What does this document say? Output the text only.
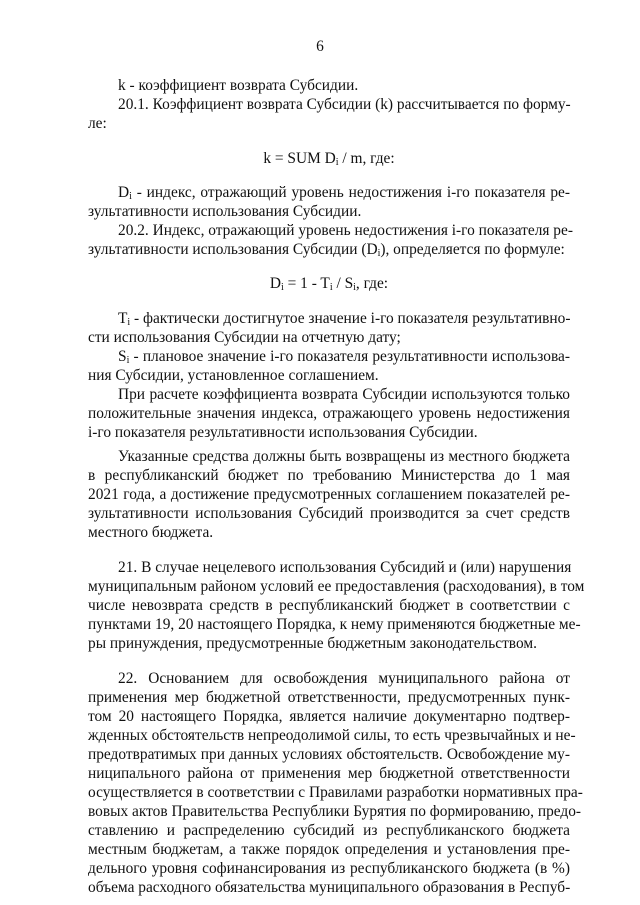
6
k - коэффициент возврата Субсидии.
20.1. Коэффициент возврата Субсидии (k) рассчитывается по форму-
ле:
k = SUM $D_i$ / m, где:
$D_i$ - индекс, отражающий уровень недостижения i-го показателя ре-
зультативности использования Субсидии.
20.2. Индекс, отражающий уровень недостижения i-го показателя ре-
зультативности использования Субсидии $(D_i)$, определяется по формуле:
$D_i = 1 - T_i / S_i$, где:
$T_i$ - фактически достигнутое значение i-го показателя результативно-
сти использования Субсидии на отчетную дату;
$S_i$ - плановое значение i-го показателя результативности использова-
ния Субсидии, установленное соглашением.
При расчете коэффициента возврата Субсидии используются только
положительные значения индекса, отражающего уровень недостижения
i-го показателя результативности использования Субсидии.
Указанные средства должны быть возвращены из местного бюджета
в республиканский бюджет по требованию Министерства до 1 мая
2021 года, а достижение предусмотренных соглашением показателей ре-
зультативности использования Субсидий производится за счет средств
местного бюджета.
21. В случае нецелевого использования Субсидий и (или) нарушения
муниципальным районом условий ее предоставления (расходования), в том
числе невозврата средств в республиканский бюджет в соответствии с
пунктами 19, 20 настоящего Порядка, к нему применяются бюджетные ме-
ры принуждения, предусмотренные бюджетным законодательством.
22. Основанием для освобождения муниципального района от
применения мер бюджетной ответственности, предусмотренных пунк-
том 20 настоящего Порядка, является наличие документарно подтвер-
жденных обстоятельств непреодолимой силы, то есть чрезвычайных и не-
предотвратимых при данных условиях обстоятельств. Освобождение му-
ниципального района от применения мер бюджетной ответственности
осуществляется в соответствии с Правилами разработки нормативных пра-
вовых актов Правительства Республики Бурятия по формированию, предо-
ставлению и распределению субсидий из республиканского бюджета
местным бюджетам, а также порядок определения и установления пре-
дельного уровня софинансирования из республиканского бюджета (в %)
объема расходного обязательства муниципального образования в Респуб-
